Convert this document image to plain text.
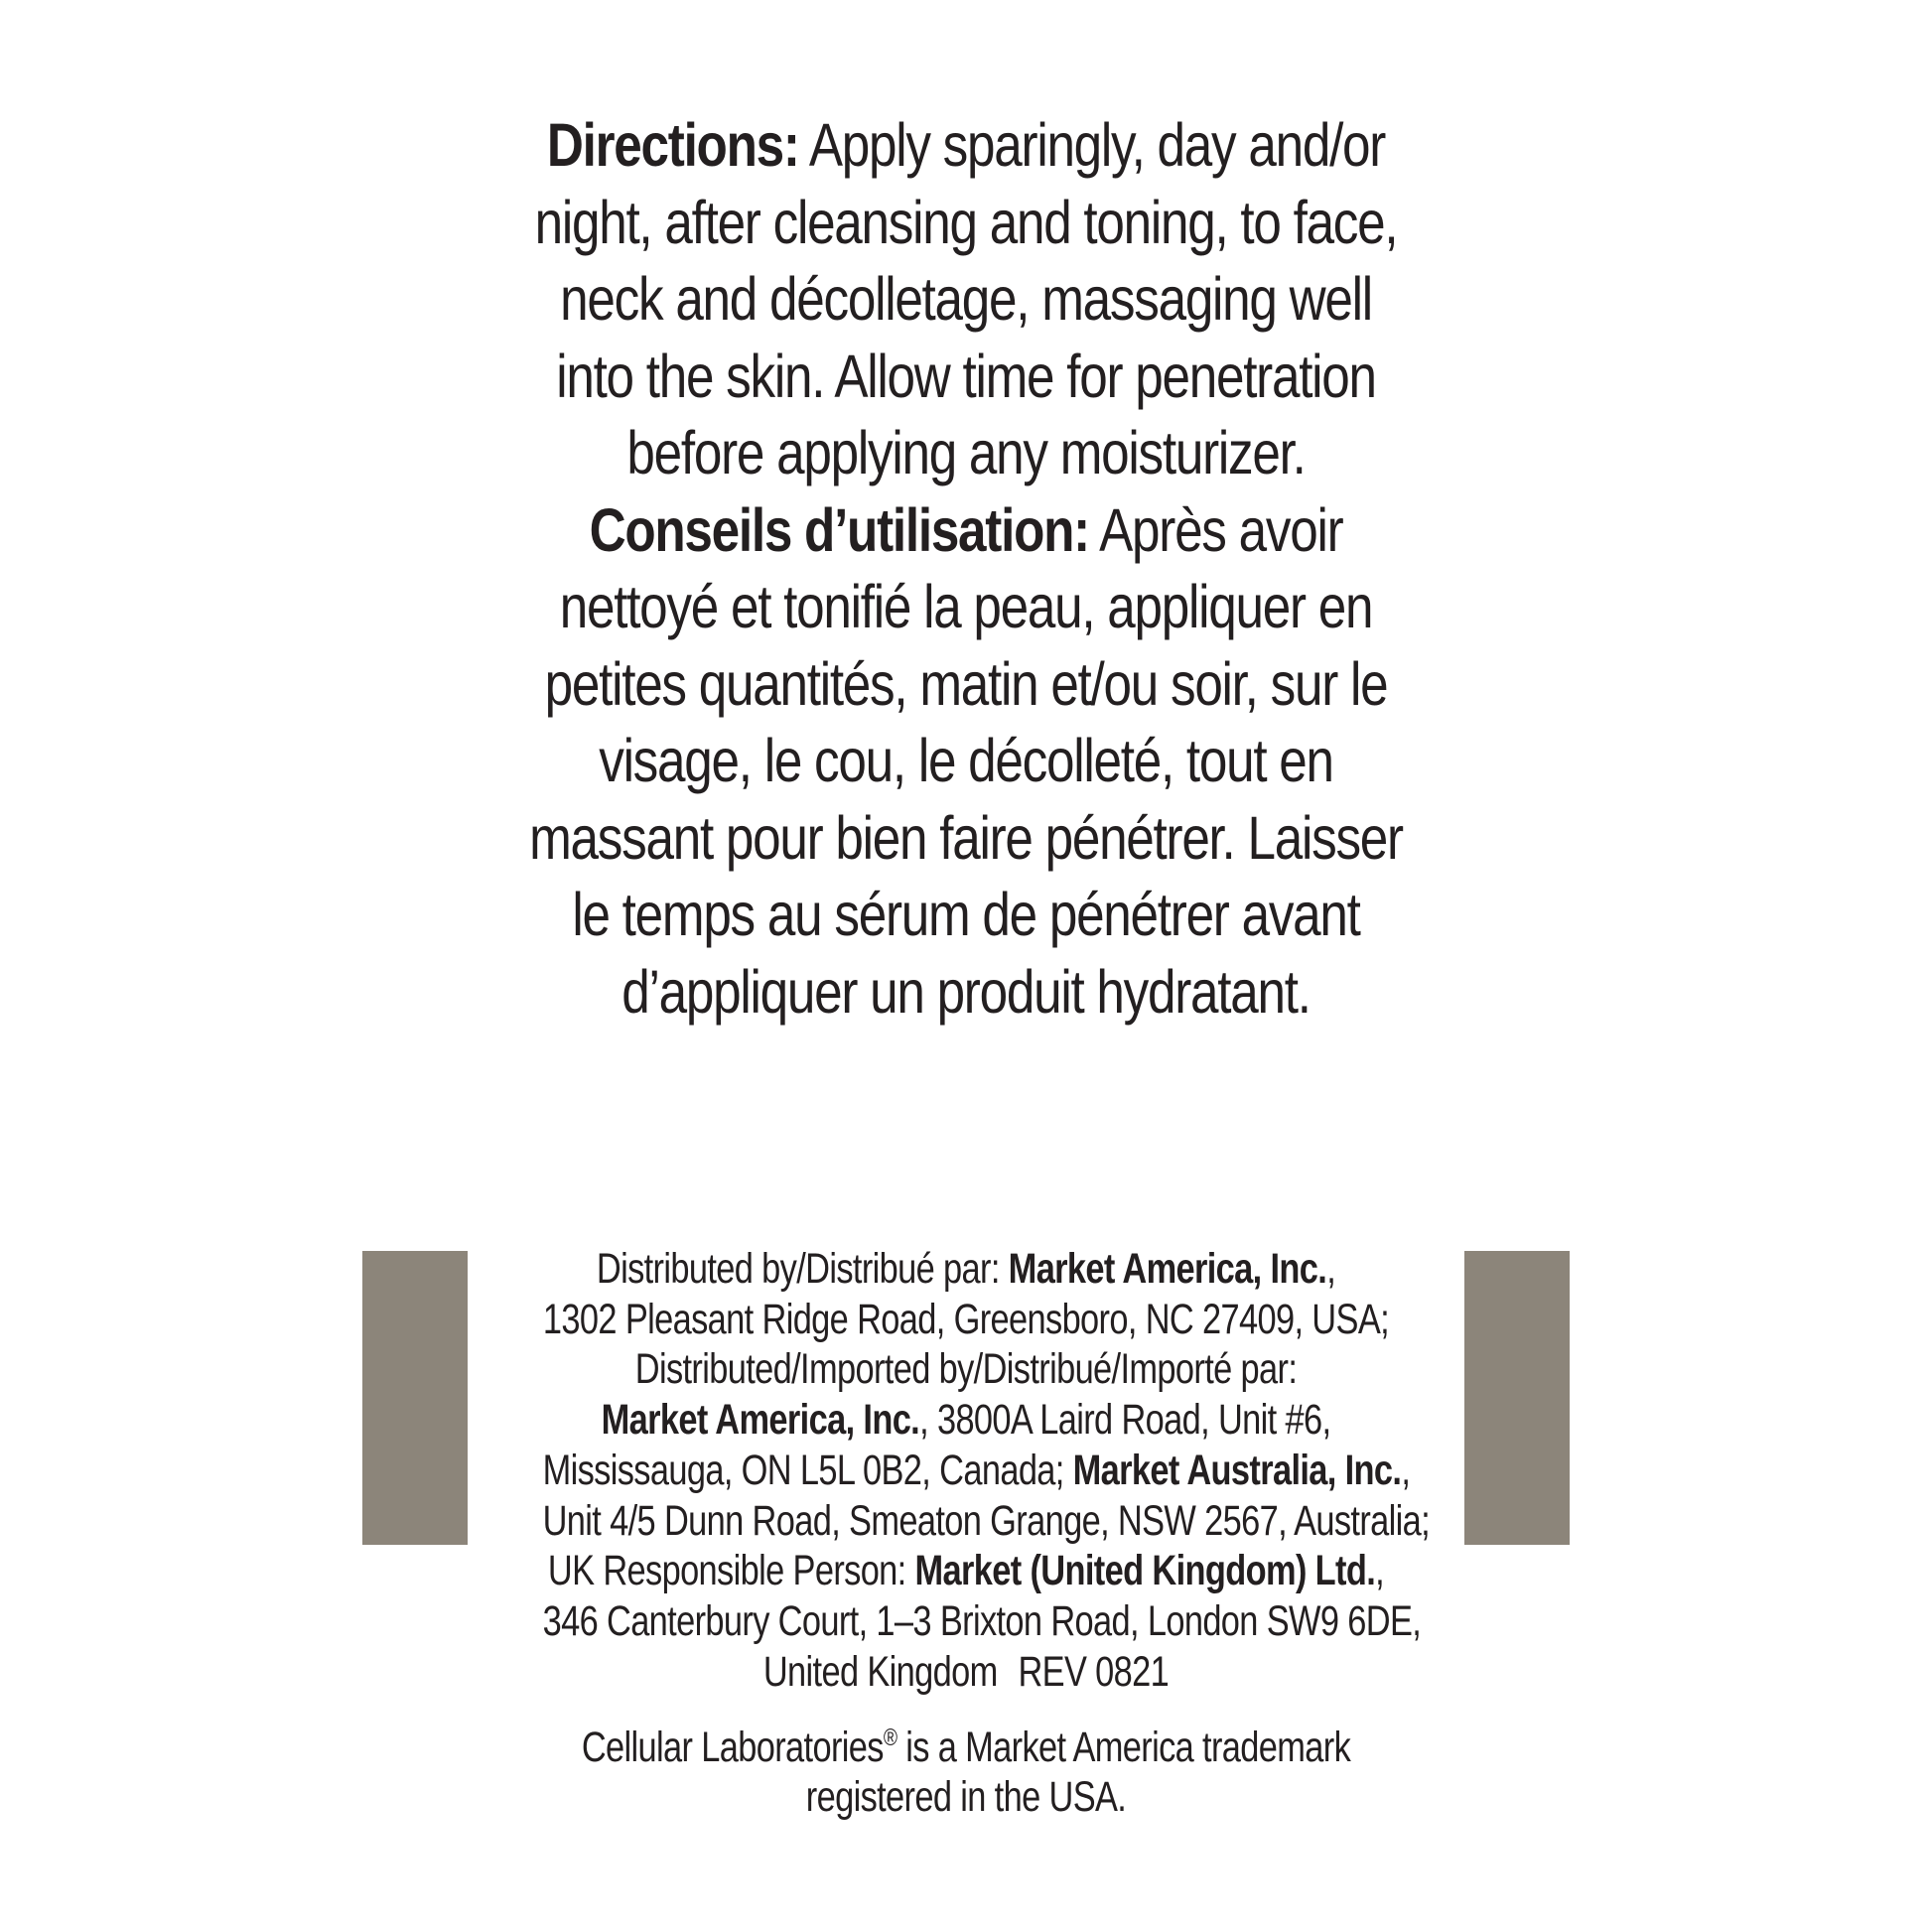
Directions: Apply sparingly, day and/or
night, after cleansing and toning, to face,
neck and décolletage, massaging well
into the skin. Allow time for penetration
before applying any moisturizer.
Conseils d’utilisation: Après avoir
nettoyé et tonifié la peau, appliquer en
petites quantités, matin et/ou soir, sur le
visage, le cou, le décolleté, tout en
massant pour bien faire pénétrer. Laisser
le temps au sérum de pénétrer avant
d’appliquer un produit hydratant.
Distributed by/Distribué par: Market America, Inc.,
1302 Pleasant Ridge Road, Greensboro, NC 27409, USA;
Distributed/Imported by/Distribué/Importé par:
Market America, Inc., 3800A Laird Road, Unit #6,
Mississauga, ON L5L 0B2, Canada; Market Australia, Inc.,
Unit 4/5 Dunn Road, Smeaton Grange, NSW 2567, Australia;
UK Responsible Person: Market (United Kingdom) Ltd.,
346 Canterbury Court, 1–3 Brixton Road, London SW9 6DE,
United Kingdom REV 0821
Cellular Laboratories® is a Market America trademark
registered in the USA.
